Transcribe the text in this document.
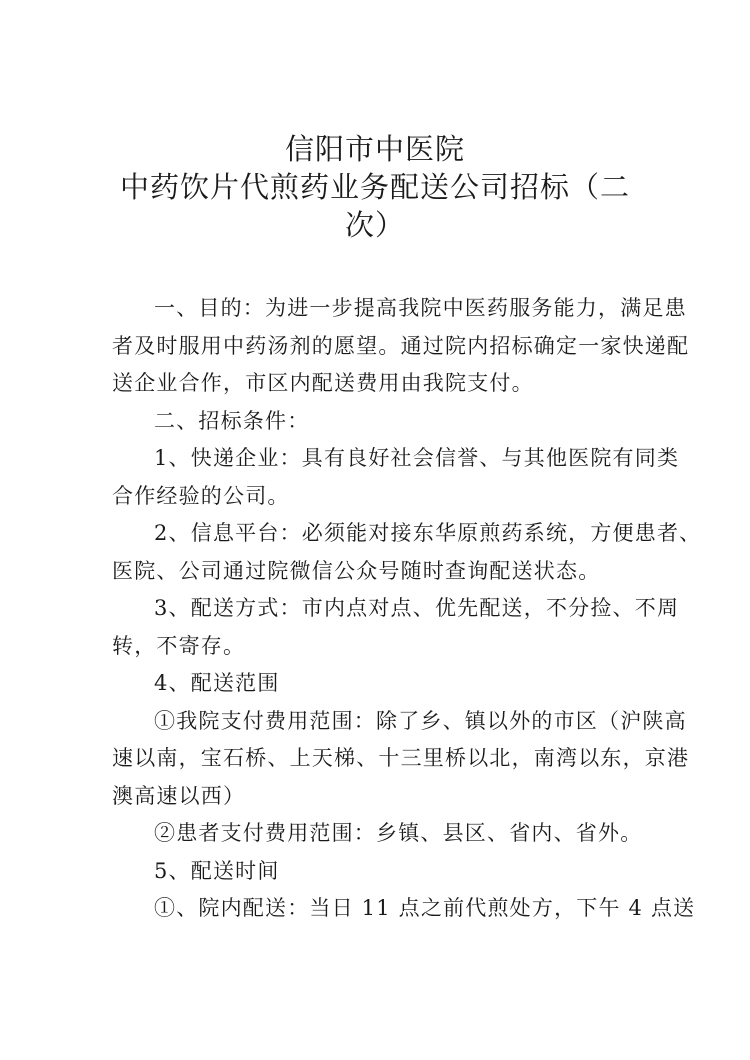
信阳市中医院
中药饮片代煎药业务配送公司招标（二
次）
一、目的：为进一步提高我院中医药服务能力，满足患
者及时服用中药汤剂的愿望。通过院内招标确定一家快递配
送企业合作，市区内配送费用由我院支付。
二、招标条件：
1、快递企业：具有良好社会信誉、与其他医院有同类
合作经验的公司。
2、信息平台：必须能对接东华原煎药系统，方便患者、
医院、公司通过院微信公众号随时查询配送状态。
3、配送方式：市内点对点、优先配送，不分捡、不周
转，不寄存。
4、配送范围
①我院支付费用范围：除了乡、镇以外的市区（沪陕高
速以南，宝石桥、上天梯、十三里桥以北，南湾以东，京港
澳高速以西）
②患者支付费用范围：乡镇、县区、省内、省外。
5、配送时间
①、院内配送：当日 11 点之前代煎处方，下午 4 点送
